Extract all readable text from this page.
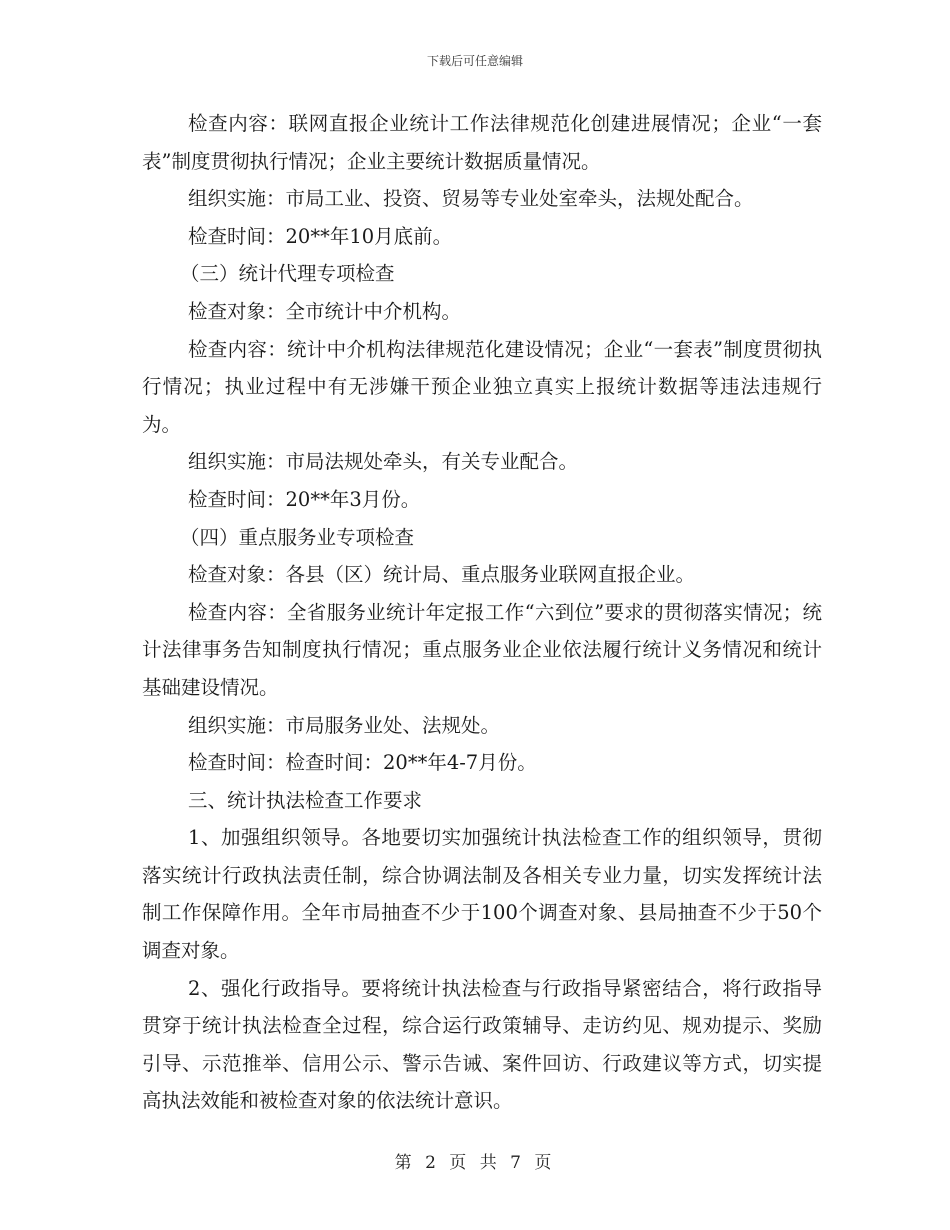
下载后可任意编辑

检查内容：联网直报企业统计工作法律规范化创建进展情况；企业“一套表”制度贯彻执行情况；企业主要统计数据质量情况。

组织实施：市局工业、投资、贸易等专业处室牵头，法规处配合。

检查时间：20**年10月底前。

（三）统计代理专项检查

检查对象：全市统计中介机构。

检查内容：统计中介机构法律规范化建设情况；企业“一套表”制度贯彻执行情况；执业过程中有无涉嫌干预企业独立真实上报统计数据等违法违规行为。

组织实施：市局法规处牵头，有关专业配合。

检查时间：20**年3月份。

（四）重点服务业专项检查

检查对象：各县（区）统计局、重点服务业联网直报企业。

检查内容：全省服务业统计年定报工作“六到位”要求的贯彻落实情况；统计法律事务告知制度执行情况；重点服务业企业依法履行统计义务情况和统计基础建设情况。

组织实施：市局服务业处、法规处。

检查时间：检查时间：20**年4-7月份。

三、统计执法检查工作要求

1、加强组织领导。各地要切实加强统计执法检查工作的组织领导，贯彻落实统计行政执法责任制，综合协调法制及各相关专业力量，切实发挥统计法制工作保障作用。全年市局抽查不少于100个调查对象、县局抽查不少于50个调查对象。

2、强化行政指导。要将统计执法检查与行政指导紧密结合，将行政指导贯穿于统计执法检查全过程，综合运行政策辅导、走访约见、规劝提示、奖励引导、示范推举、信用公示、警示告诫、案件回访、行政建议等方式，切实提高执法效能和被检查对象的依法统计意识。

第 2 页 共 7 页
